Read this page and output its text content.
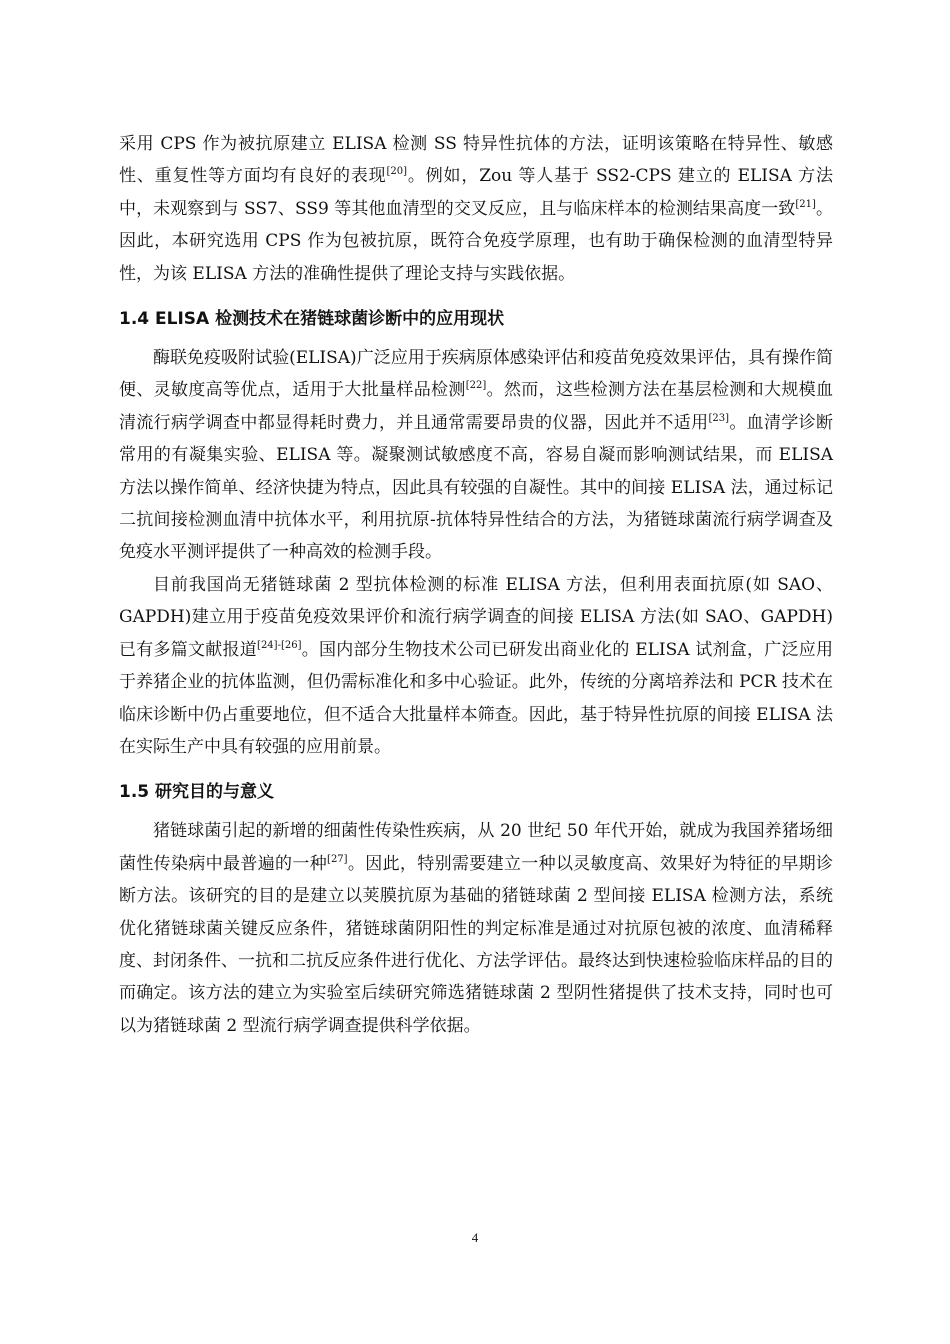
采用 CPS 作为被抗原建立 ELISA 检测 SS 特异性抗体的方法，证明该策略在特异性、敏感性、重复性等方面均有良好的表现[20]。例如，Zou 等人基于 SS2-CPS 建立的 ELISA 方法中，未观察到与 SS7、SS9 等其他血清型的交叉反应，且与临床样本的检测结果高度一致[21]。因此，本研究选用 CPS 作为包被抗原，既符合免疫学原理，也有助于确保检测的血清型特异性，为该 ELISA 方法的准确性提供了理论支持与实践依据。

1.4 ELISA 检测技术在猪链球菌诊断中的应用现状

酶联免疫吸附试验(ELISA)广泛应用于疾病原体感染评估和疫苗免疫效果评估，具有操作简便、灵敏度高等优点，适用于大批量样品检测[22]。然而，这些检测方法在基层检测和大规模血清流行病学调查中都显得耗时费力，并且通常需要昂贵的仪器，因此并不适用[23]。血清学诊断常用的有凝集实验、ELISA 等。凝聚测试敏感度不高，容易自凝而影响测试结果，而 ELISA 方法以操作简单、经济快捷为特点，因此具有较强的自凝性。其中的间接 ELISA 法，通过标记二抗间接检测血清中抗体水平，利用抗原-抗体特异性结合的方法，为猪链球菌流行病学调查及免疫水平测评提供了一种高效的检测手段。

目前我国尚无猪链球菌 2 型抗体检测的标准 ELISA 方法，但利用表面抗原(如 SAO、GAPDH)建立用于疫苗免疫效果评价和流行病学调查的间接 ELISA 方法(如 SAO、GAPDH)已有多篇文献报道[24]-[26]。国内部分生物技术公司已研发出商业化的 ELISA 试剂盒，广泛应用于养猪企业的抗体监测，但仍需标准化和多中心验证。此外，传统的分离培养法和 PCR 技术在临床诊断中仍占重要地位，但不适合大批量样本筛查。因此，基于特异性抗原的间接 ELISA 法在实际生产中具有较强的应用前景。

1.5 研究目的与意义

猪链球菌引起的新增的细菌性传染性疾病，从 20 世纪 50 年代开始，就成为我国养猪场细菌性传染病中最普遍的一种[27]。因此，特别需要建立一种以灵敏度高、效果好为特征的早期诊断方法。该研究的目的是建立以荚膜抗原为基础的猪链球菌 2 型间接 ELISA 检测方法，系统优化猪链球菌关键反应条件，猪链球菌阴阳性的判定标准是通过对抗原包被的浓度、血清稀释度、封闭条件、一抗和二抗反应条件进行优化、方法学评估。最终达到快速检验临床样品的目的而确定。该方法的建立为实验室后续研究筛选猪链球菌 2 型阴性猪提供了技术支持，同时也可以为猪链球菌 2 型流行病学调查提供科学依据。

4
